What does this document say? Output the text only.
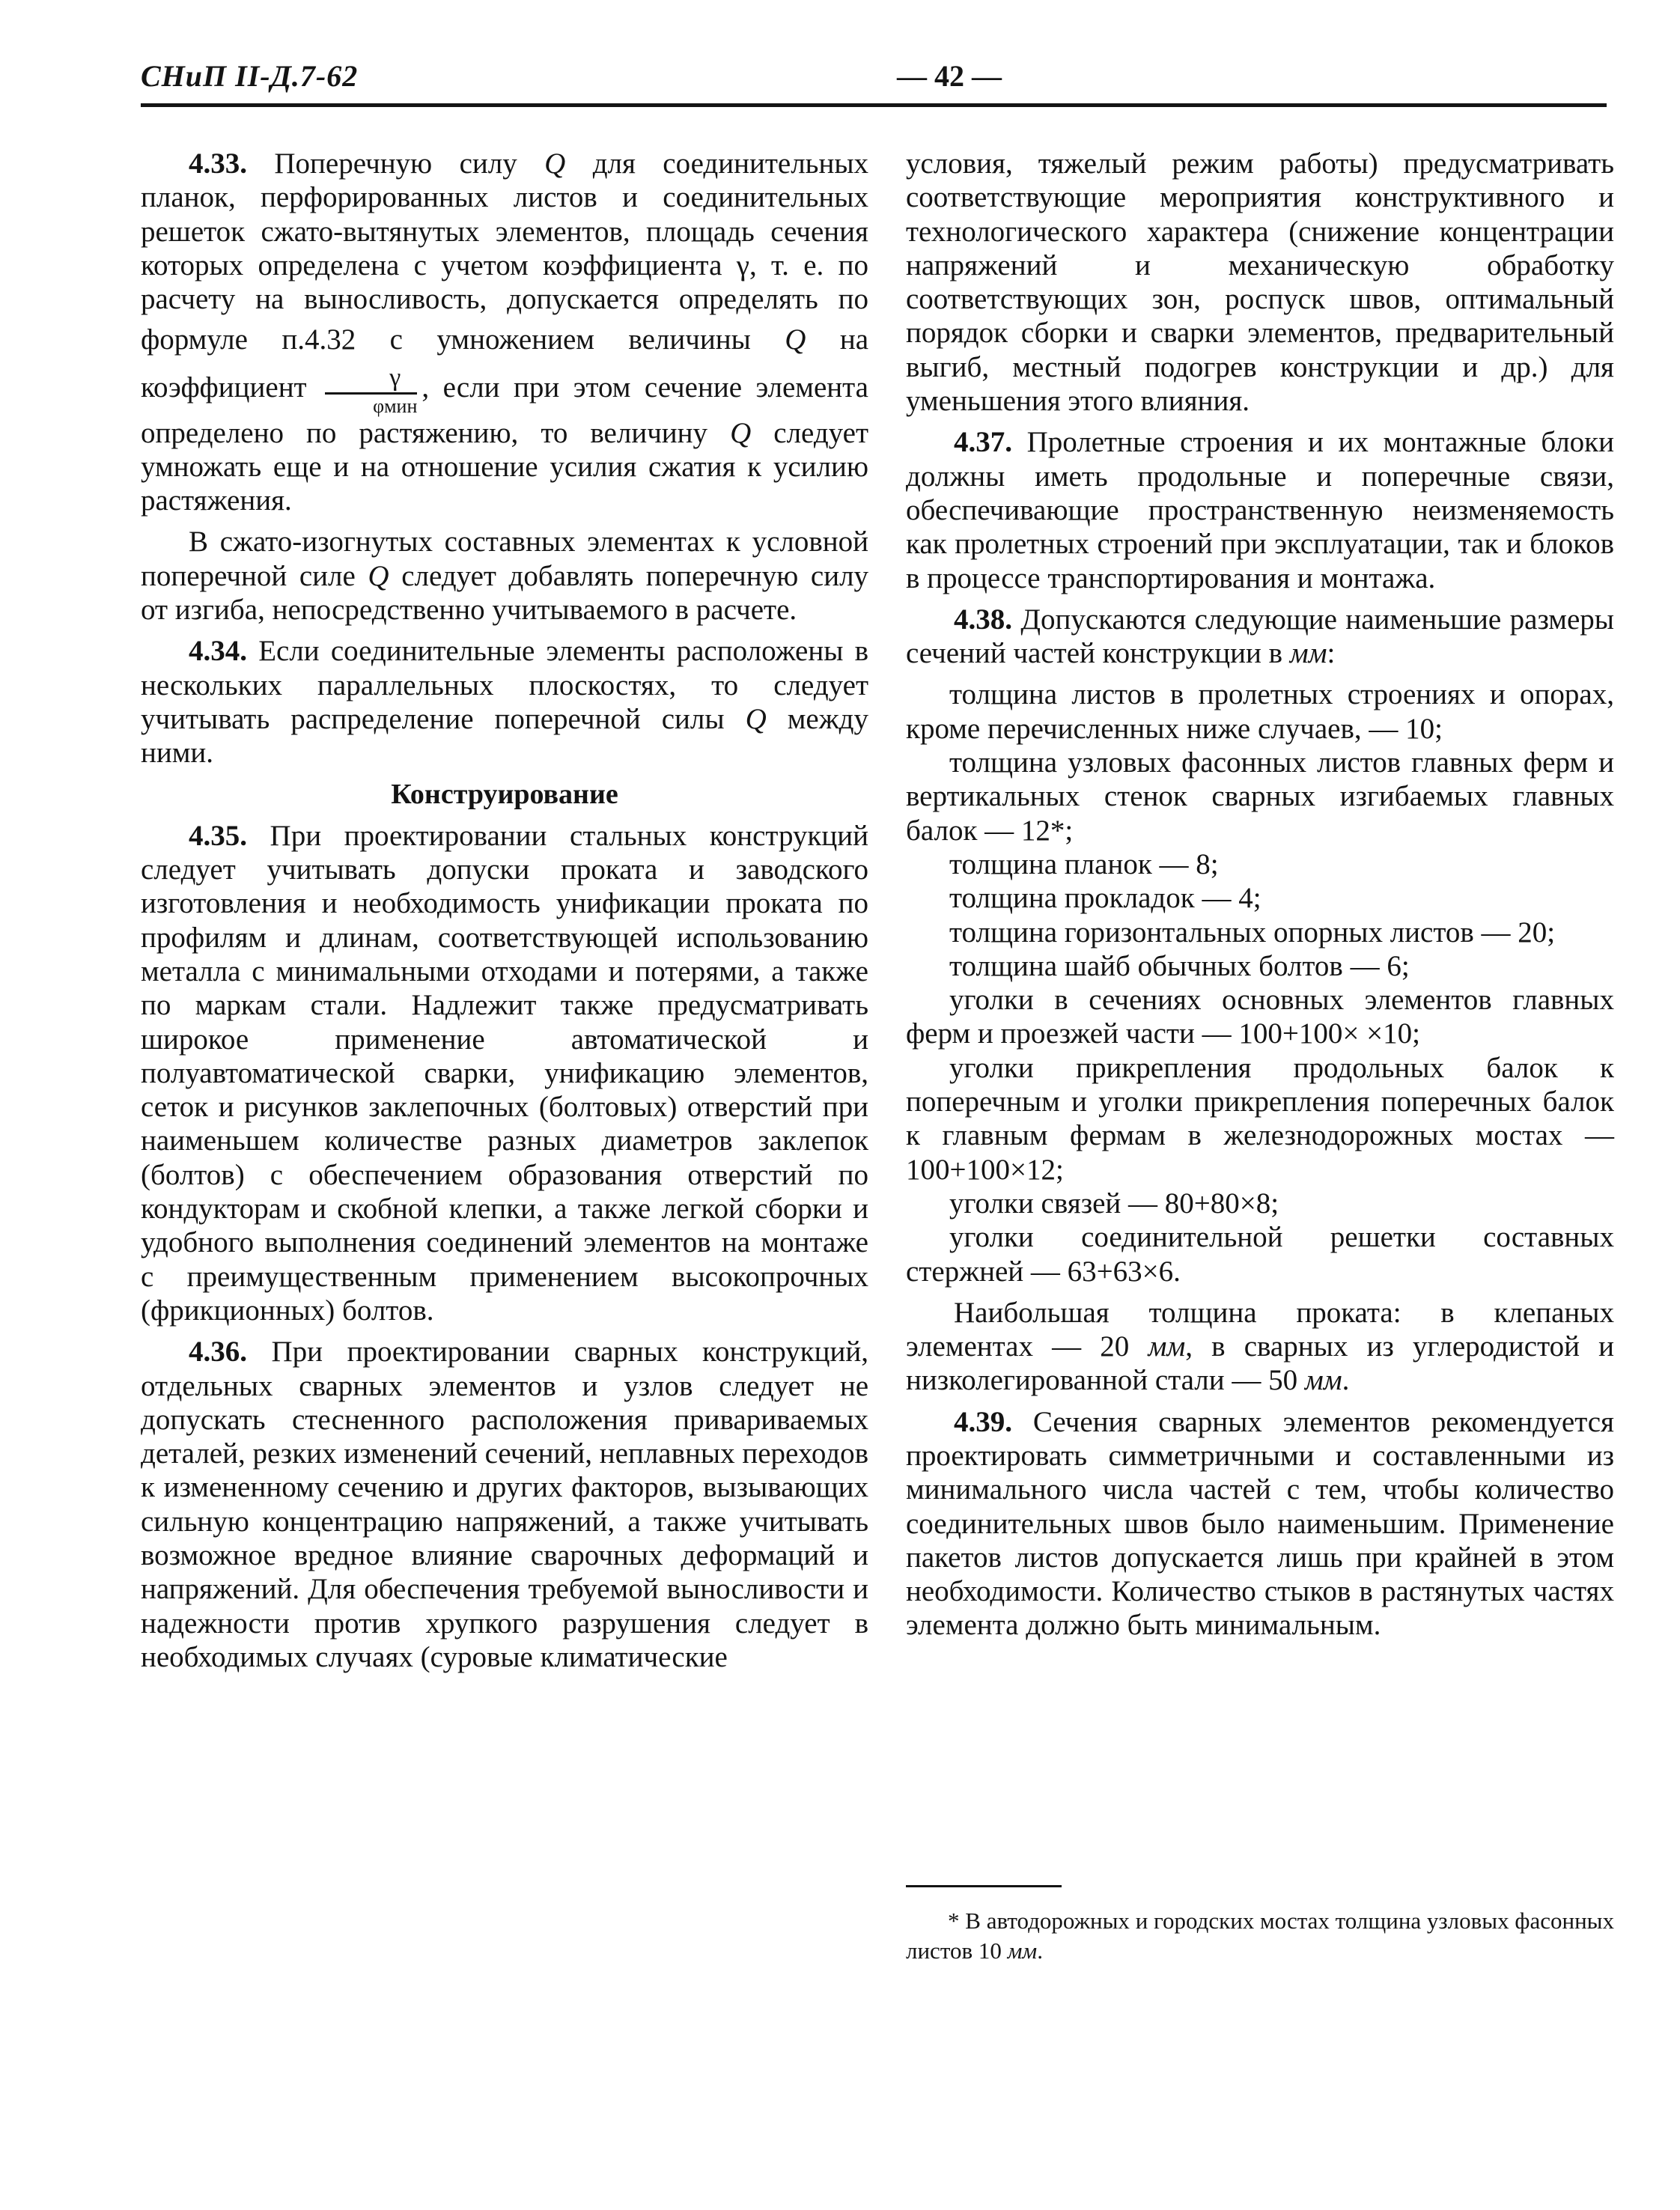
СНиП II-Д.7-62	— 42 —

4.33. Поперечную силу Q для соединительных планок, перфорированных листов и соединительных решеток сжато-вытянутых элементов, площадь сечения которых определена с учетом коэффициента γ, т. е. по расчету на выносливость, допускается определять по формуле п.4.32 с умножением величины Q на коэффициент $\frac{\gamma}{\text{φмин}}$ , если при этом сечение элемента определено по растяжению, то величину Q следует умножать еще и на отношение усилия сжатия к усилию растяжения.

В сжато-изогнутых составных элементах к условной поперечной силе Q следует добавлять поперечную силу от изгиба, непосредственно учитываемого в расчете.

4.34. Если соединительные элементы расположены в нескольких параллельных плоскостях, то следует учитывать распределение поперечной силы Q между ними.

Конструирование

4.35. При проектировании стальных конструкций следует учитывать допуски проката и заводского изготовления и необходимость унификации проката по профилям и длинам, соответствующей использованию металла с минимальными отходами и потерями, а также по маркам стали. Надлежит также предусматривать широкое применение автоматической и полуавтоматической сварки, унификацию элементов, сеток и рисунков заклепочных (болтовых) отверстий при наименьшем количестве разных диаметров заклепок (болтов) с обеспечением образования отверстий по кондукторам и скобной клепки, а также легкой сборки и удобного выполнения соединений элементов на монтаже с преимущественным применением высокопрочных (фрикционных) болтов.

4.36. При проектировании сварных конструкций, отдельных сварных элементов и узлов следует не допускать стесненного расположения привариваемых деталей, резких изменений сечений, неплавных переходов к измененному сечению и других факторов, вызывающих сильную концентрацию напряжений, а также учитывать возможное вредное влияние сварочных деформаций и напряжений. Для обеспечения требуемой выносливости и надежности против хрупкого разрушения следует в необходимых случаях (суровые климатические

условия, тяжелый режим работы) предусматривать соответствующие мероприятия конструктивного и технологического характера (снижение концентрации напряжений и механическую обработку соответствующих зон, роспуск швов, оптимальный порядок сборки и сварки элементов, предварительный выгиб, местный подогрев конструкции и др.) для уменьшения этого влияния.

4.37. Пролетные строения и их монтажные блоки должны иметь продольные и поперечные связи, обеспечивающие пространственную неизменяемость как пролетных строений при эксплуатации, так и блоков в процессе транспортирования и монтажа.

4.38. Допускаются следующие наименьшие размеры сечений частей конструкции в мм:

толщина листов в пролетных строениях и опорах, кроме перечисленных ниже случаев, — 10;

толщина узловых фасонных листов главных ферм и вертикальных стенок сварных изгибаемых главных балок — 12*;

толщина планок — 8;

толщина прокладок — 4;

толщина горизонтальных опорных листов — 20;

толщина шайб обычных болтов — 6;

уголки в сечениях основных элементов главных ферм и проезжей части — 100+100× ×10;

уголки прикрепления продольных балок к поперечным и уголки прикрепления поперечных балок к главным фермам в железнодорожных мостах — 100+100×12;

уголки связей — 80+80×8;

уголки соединительной решетки составных стержней — 63+63×6.

Наибольшая толщина проката: в клепаных элементах — 20 мм, в сварных из углеродистой и низколегированной стали — 50 мм.

4.39. Сечения сварных элементов рекомендуется проектировать симметричными и составленными из минимального числа частей с тем, чтобы количество соединительных швов было наименьшим. Применение пакетов листов допускается лишь при крайней в этом необходимости. Количество стыков в растянутых частях элемента должно быть минимальным.

* В автодорожных и городских мостах толщина узловых фасонных листов 10 мм.
